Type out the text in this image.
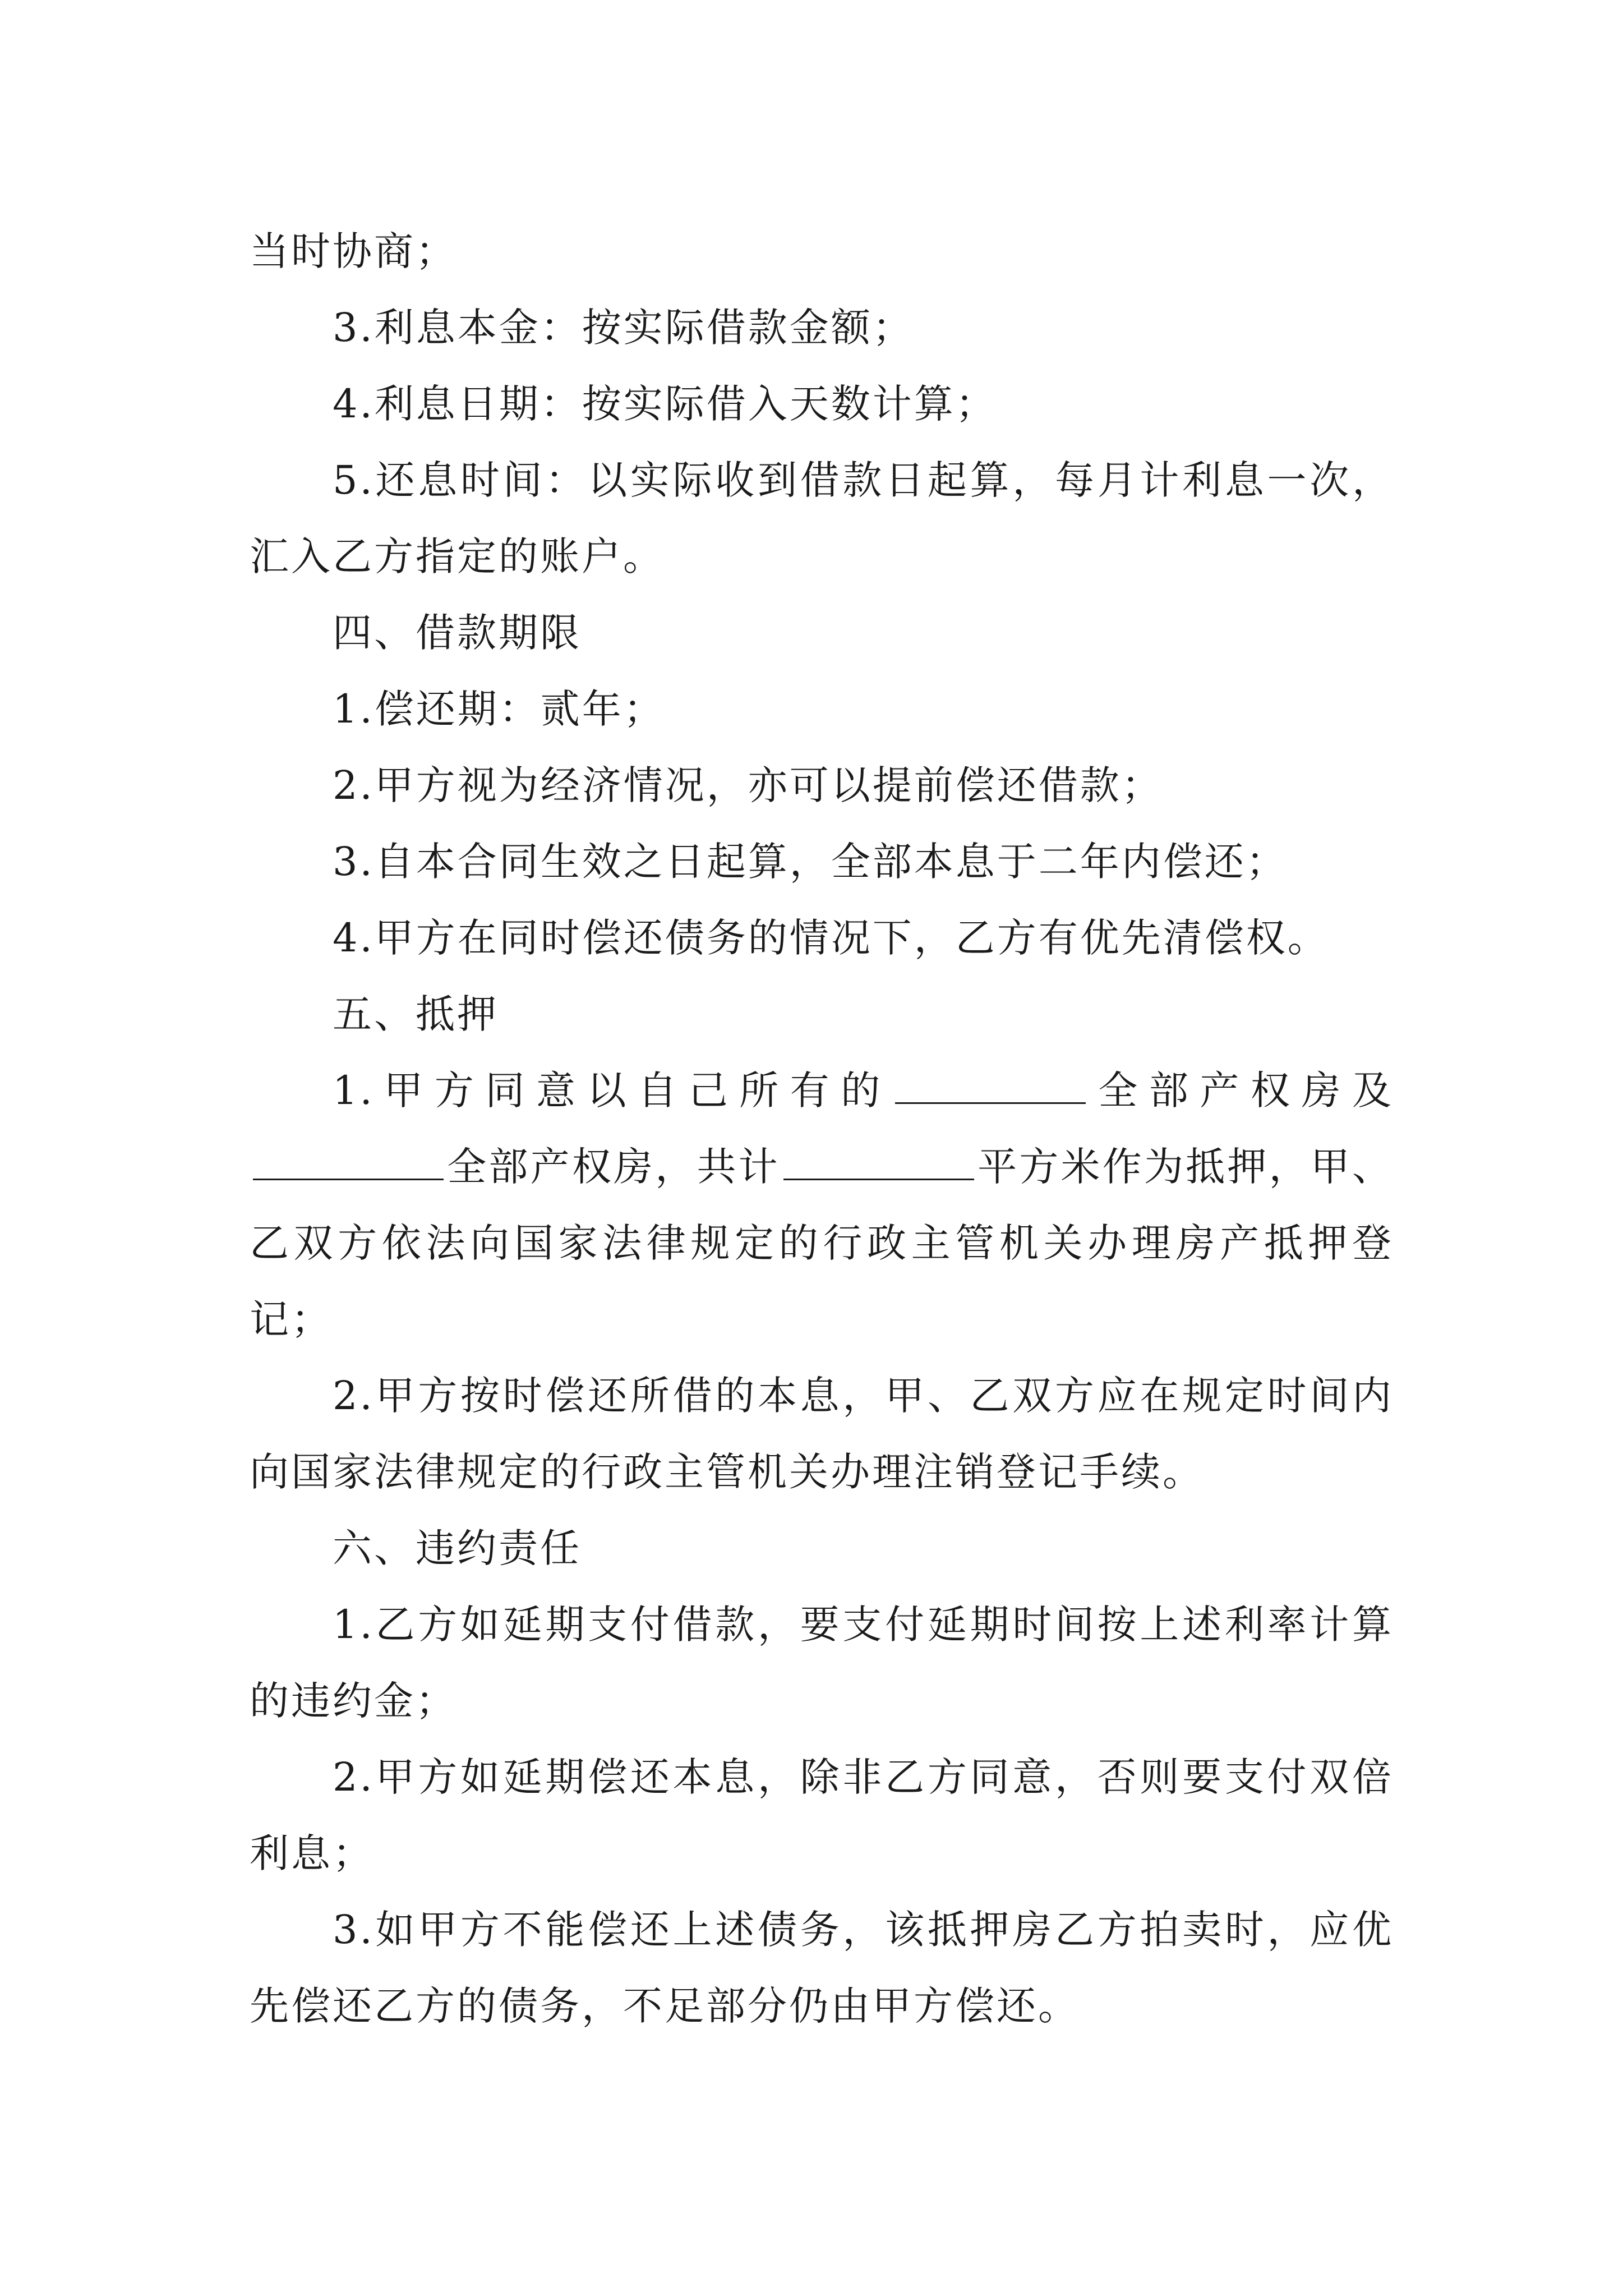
当时协商；

3.利息本金：按实际借款金额；

4.利息日期：按实际借入天数计算；

5.还息时间：以实际收到借款日起算，每月计利息一次，汇入乙方指定的账户。

四、借款期限

1.偿还期：贰年；

2.甲方视为经济情况，亦可以提前偿还借款；

3.自本合同生效之日起算，全部本息于二年内偿还；

4.甲方在同时偿还债务的情况下，乙方有优先清偿权。

五、抵押

1.甲方同意以自己所有的	全部产权房及全部产权房，共计	平方米作为抵押，甲、乙双方依法向国家法律规定的行政主管机关办理房产抵押登记；

2.甲方按时偿还所借的本息，甲、乙双方应在规定时间内向国家法律规定的行政主管机关办理注销登记手续。

六、违约责任

1.乙方如延期支付借款，要支付延期时间按上述利率计算的违约金；

2.甲方如延期偿还本息，除非乙方同意，否则要支付双倍利息；

3.如甲方不能偿还上述债务，该抵押房乙方拍卖时，应优先偿还乙方的债务，不足部分仍由甲方偿还。
